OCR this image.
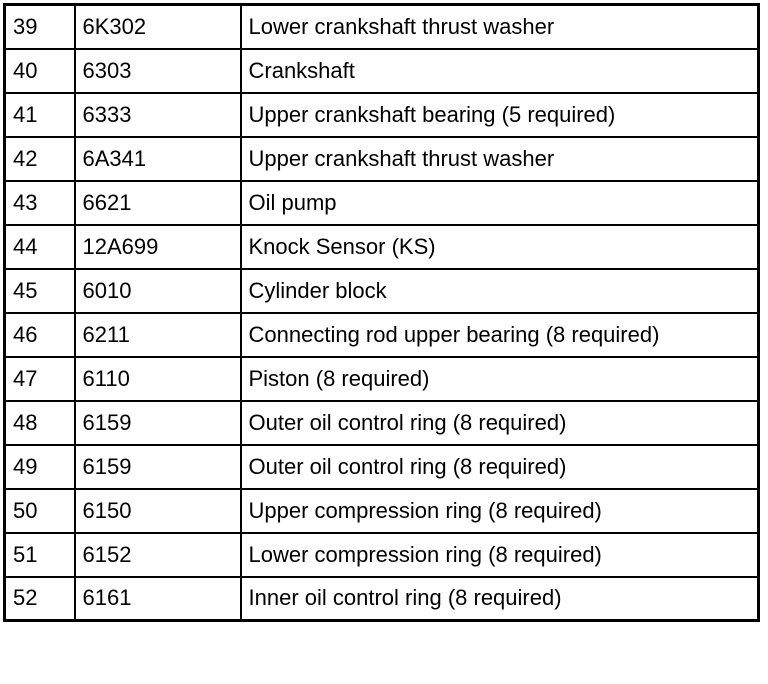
39	6K302	Lower crankshaft thrust washer
40	6303	Crankshaft
41	6333	Upper crankshaft bearing (5 required)
42	6A341	Upper crankshaft thrust washer
43	6621	Oil pump
44	12A699	Knock Sensor (KS)
45	6010	Cylinder block
46	6211	Connecting rod upper bearing (8 required)
47	6110	Piston (8 required)
48	6159	Outer oil control ring (8 required)
49	6159	Outer oil control ring (8 required)
50	6150	Upper compression ring (8 required)
51	6152	Lower compression ring (8 required)
52	6161	Inner oil control ring (8 required)
